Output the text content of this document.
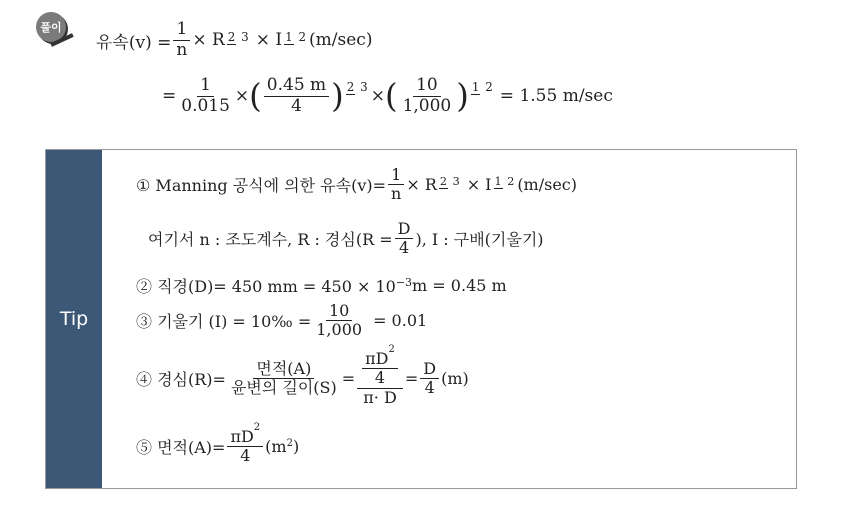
풀이
유속$(v) = \frac{1}{n} \times R$ 2 3 × I 1 2 (m/sec)
= $\frac{1}{0.015}$ × ( $\frac{0.45 m}{4}$ ) 2 3 × ( $\frac{10}{1,000}$ ) 1 2 = 1.55 m/sec
Tip
① Manning 공식에 의한 유속$(v)= \frac{1}{n} \times R$ 2 3 × I 1 2 (m/sec)
여기서 n : 조도계수, R : 경심($R = \frac{D}{4}$ ), I : 구배(기울기)
② 직경(D)= 450 mm = 450 × 10 −3 m = 0.45 m
③ 기울기 (I) = 10‰ = $\frac{10}{1,000} = 0.01$
④ 경심$(R)= \frac{\text{면적(A)}}{\text{윤변의 길이(S)}} = \frac{\frac{\pi D2}{4}}{\pi\cdot D} = \frac{D}{4} (m)$
⑤ 면적$(A)= \frac{\pi D2}{4} (m$ 2 )
